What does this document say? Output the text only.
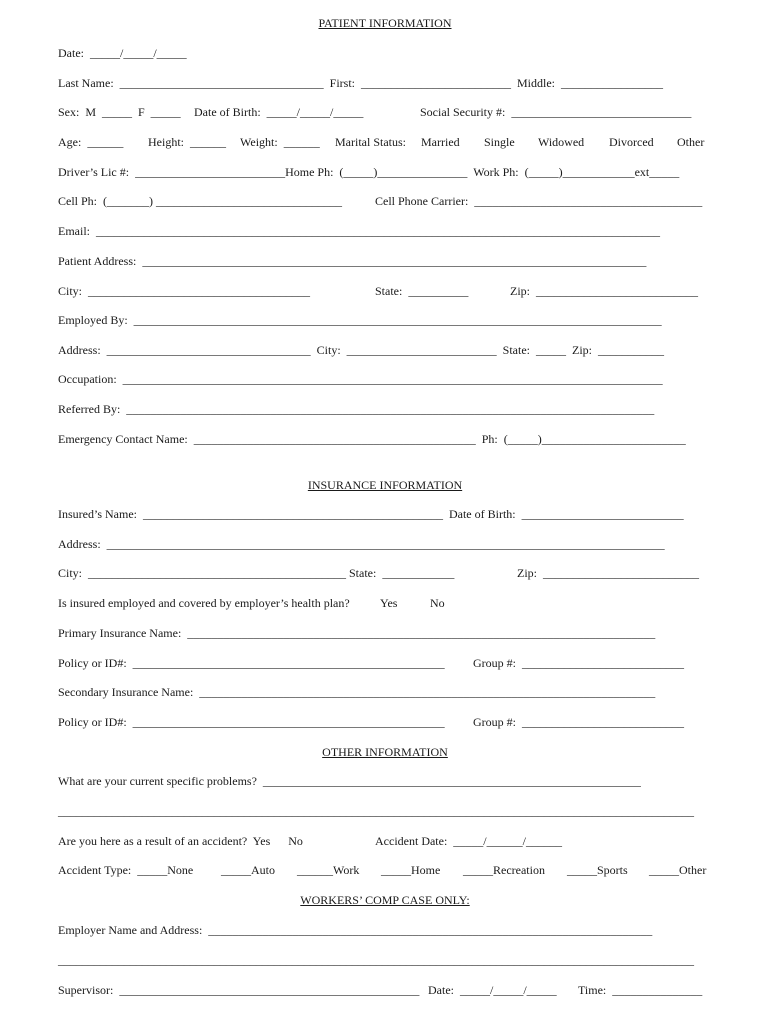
PATIENT INFORMATION
Date:  _____/_____/_____
Last Name:  __________________________________  First:  _________________________  Middle:  _________________
Sex:  M  _____  F  _____ Date of Birth:  _____/_____/_____	Social Security #:  ______________________________
Age:  ______ Height:  ______ Weight:  ______ Marital Status: Married Single Widowed Divorced Other
Driver’s Lic #:  _________________________Home Ph:  (_____)_______________  Work Ph:  (_____)____________ext_____
Cell Ph:  (_______) _______________________________	Cell Phone Carrier:  ______________________________________
Email:  ______________________________________________________________________________________________
Patient Address:  ____________________________________________________________________________________
City:  _____________________________________	State:  __________	Zip:  ___________________________
Employed By:  ________________________________________________________________________________________
Address:  __________________________________  City:  _________________________  State:  _____  Zip:  ___________
Occupation:  __________________________________________________________________________________________
Referred By:  ________________________________________________________________________________________
Emergency Contact Name:  _______________________________________________  Ph:  (_____)________________________
INSURANCE INFORMATION
Insured’s Name:  __________________________________________________  Date of Birth:  ___________________________
Address:  _____________________________________________________________________________________________
City:  ___________________________________________ State:  ____________	Zip:  __________________________
Is insured employed and covered by employer’s health plan?	Yes	No
Primary Insurance Name:  ______________________________________________________________________________
Policy or ID#:  ____________________________________________________ Group #:  ___________________________
Secondary Insurance Name:  ____________________________________________________________________________
Policy or ID#:  ____________________________________________________ Group #:  ___________________________
OTHER INFORMATION
What are your current specific problems?  _______________________________________________________________
__________________________________________________________________________________________________________
Are you here as a result of an accident?  Yes      No	Accident Date:  _____/______/______
Accident Type:  _____None _____Auto ______Work _____Home _____Recreation _____Sports _____Other
WORKERS’ COMP CASE ONLY:
Employer Name and Address:  __________________________________________________________________________
__________________________________________________________________________________________________________
Supervisor:  __________________________________________________ Date:  _____/_____/_____ Time:  _______________
